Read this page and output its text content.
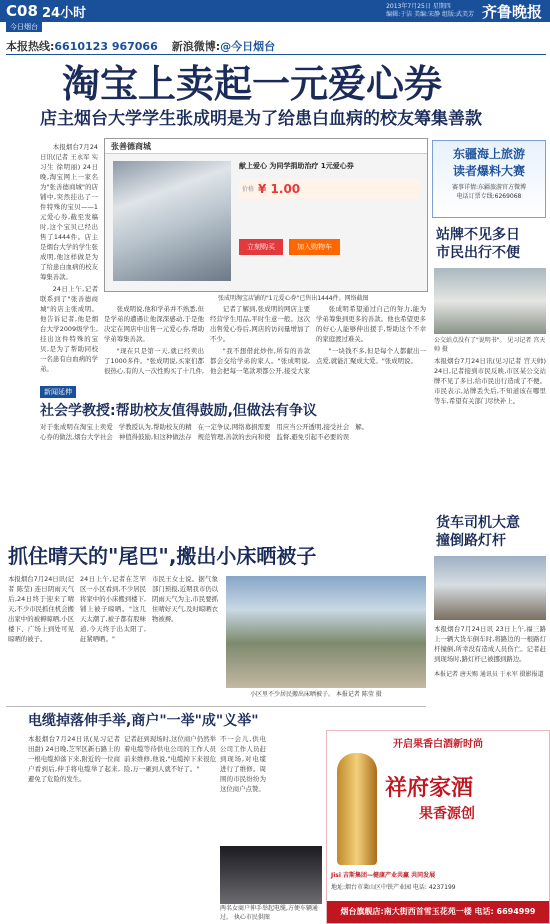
C08 24小时	2013年7月25日 星期四
编辑:于洁 美编:宋静 组版:武美芳 齐鲁晚报
今日烟台
本报热线: 6610123 967066 新浪微博: @今日烟台
淘宝上卖起一元爱心券
店主烟台大学学生张成明是为了给患白血病的校友筹集善款

本报烟台7月24日讯(记者 王永军 实习生 徐明丽) 24日晚,淘宝网上一家名为"张善德商城"的店铺中,突然挂出了一件特殊的宝贝——1元爱心券,截至发稿时,这个宝贝已经出售了1444件。店主是烟台大学的学生张成明,他这样做是为了给患白血病的校友筹集善款。

24日上午,记者联系到了"张善德商城"的店主张成明。他告诉记者,他是烟台大学2009级学生,挂出这件特殊的宝贝,是为了帮助同校一名患有白血病的学弟。

张善德商城
献上爱心 为同学捐助治疗 1元爱心券
价格 ¥ 1.00
立刻购买	加入购物车
张成明淘宝店铺的"1元爱心券"已售出1444件。网络截图

张成明说,他和学弟并不熟悉,但是学弟的遭遇让他深深感动,于是他决定在网店中出售一元爱心券,帮助学弟筹集善款。

"现在只是第一天,就已经卖出了1000多件。"张成明说,买家们都很热心,有的人一次性购买了十几件,

记者了解到,张成明的网店主要经营学生用品,平时生意一般。这次出售爱心券后,网店的访问量增加了不少。

"我不想借此炒作,所有的善款都会交给学弟的家人。"张成明说,他会把每一笔款项都公开,接受大家

张成明希望通过自己的努力,能为学弟筹集到更多的善款。他也希望更多的好心人能够伸出援手,帮助这个不幸的家庭渡过难关。

"一块钱不多,但是每个人都献出一点爱,就能汇聚成大爱。"张成明说。

新闻延伸
社会学教授:帮助校友值得鼓励,但做法有争议
对于张成明在淘宝上卖爱心券的做法,烟台大学社会学教授认为,帮助校友的精神值得鼓励,但这种做法存在一定争议,网络募捐需要规范管理,善款的去向和使用应当公开透明,接受社会监督,避免引起不必要的误解。
东疆海上旅游
读者爆料大赛
赛事详情:东疆旅游官方微博
电话订票专线:6269068
站牌不见多日
市民出行不便
公交站点没有了"说明书"。 见习记者 宫天帅 摄
本报烟台7月24日讯(见习记者 宫天帅) 24日,记者接到市民反映,市区某公交站牌不见了多日,给市民出行造成了不便。市民表示,站牌丢失后,不知道该在哪里等车,希望有关部门尽快补上。
货车司机大意
撞倒路灯杆
本报烟台7月24日讯 23日上午,福三路上一辆大货车倒车时,将路边的一根路灯杆撞倒,所幸没有造成人员伤亡。记者赶到现场时,路灯杆已被挪到路边。
本报记者 唐天赐 通讯员 于永军 摄影报道
抓住晴天的"尾巴",搬出小床晒被子
本报烟台7月24日讯(记者 陈莹) 连日阴雨天气后,24日终于迎来了晴天,不少市民抓住机会搬出家中的被褥晾晒,小区楼下、广场上到处可见晾晒的被子。
24日上午,记者在芝罘区一小区看到,不少居民将家中的小床搬到楼下,铺上被子晾晒。"这几天太潮了,被子都有股味道,今天终于出太阳了,赶紧晒晒。"
市民王女士说。据气象部门预报,近期我市仍以阴雨天气为主,市民要抓住晴好天气,及时晾晒衣物被褥。
小区里不少居民搬出床晒被子。 本报记者 陈莹 摄
电缆掉落伸手举,商户"一举"成"义举"
本报烟台7月24日讯(见习记者 田甜) 24日晚,芝罘区新石路上的一根电缆掉落下来,附近的一位商户看到后,伸手将电缆举了起来,避免了危险的发生。
记者赶到现场时,这位商户仍然举着电缆等待供电公司的工作人员前来维修,他说,"电缆掉下来很危险,万一砸到人就不好了。"
不一会儿,供电公司工作人员赶到现场,对电缆进行了维修。周围的市民纷纷为这位商户点赞。
两名女商户伸手举起电缆,方便车辆通过。 执心市民供图
开启果香白酒新时尚
祥府家酒
果香源创
Jisi 吉斯集团—健康产业共赢 共同发展
地址:烟台市莱山区中铁产业园 电话: 4237199
烟台旗舰店:南大街西首雪玉花苑一楼 电话: 6694999
